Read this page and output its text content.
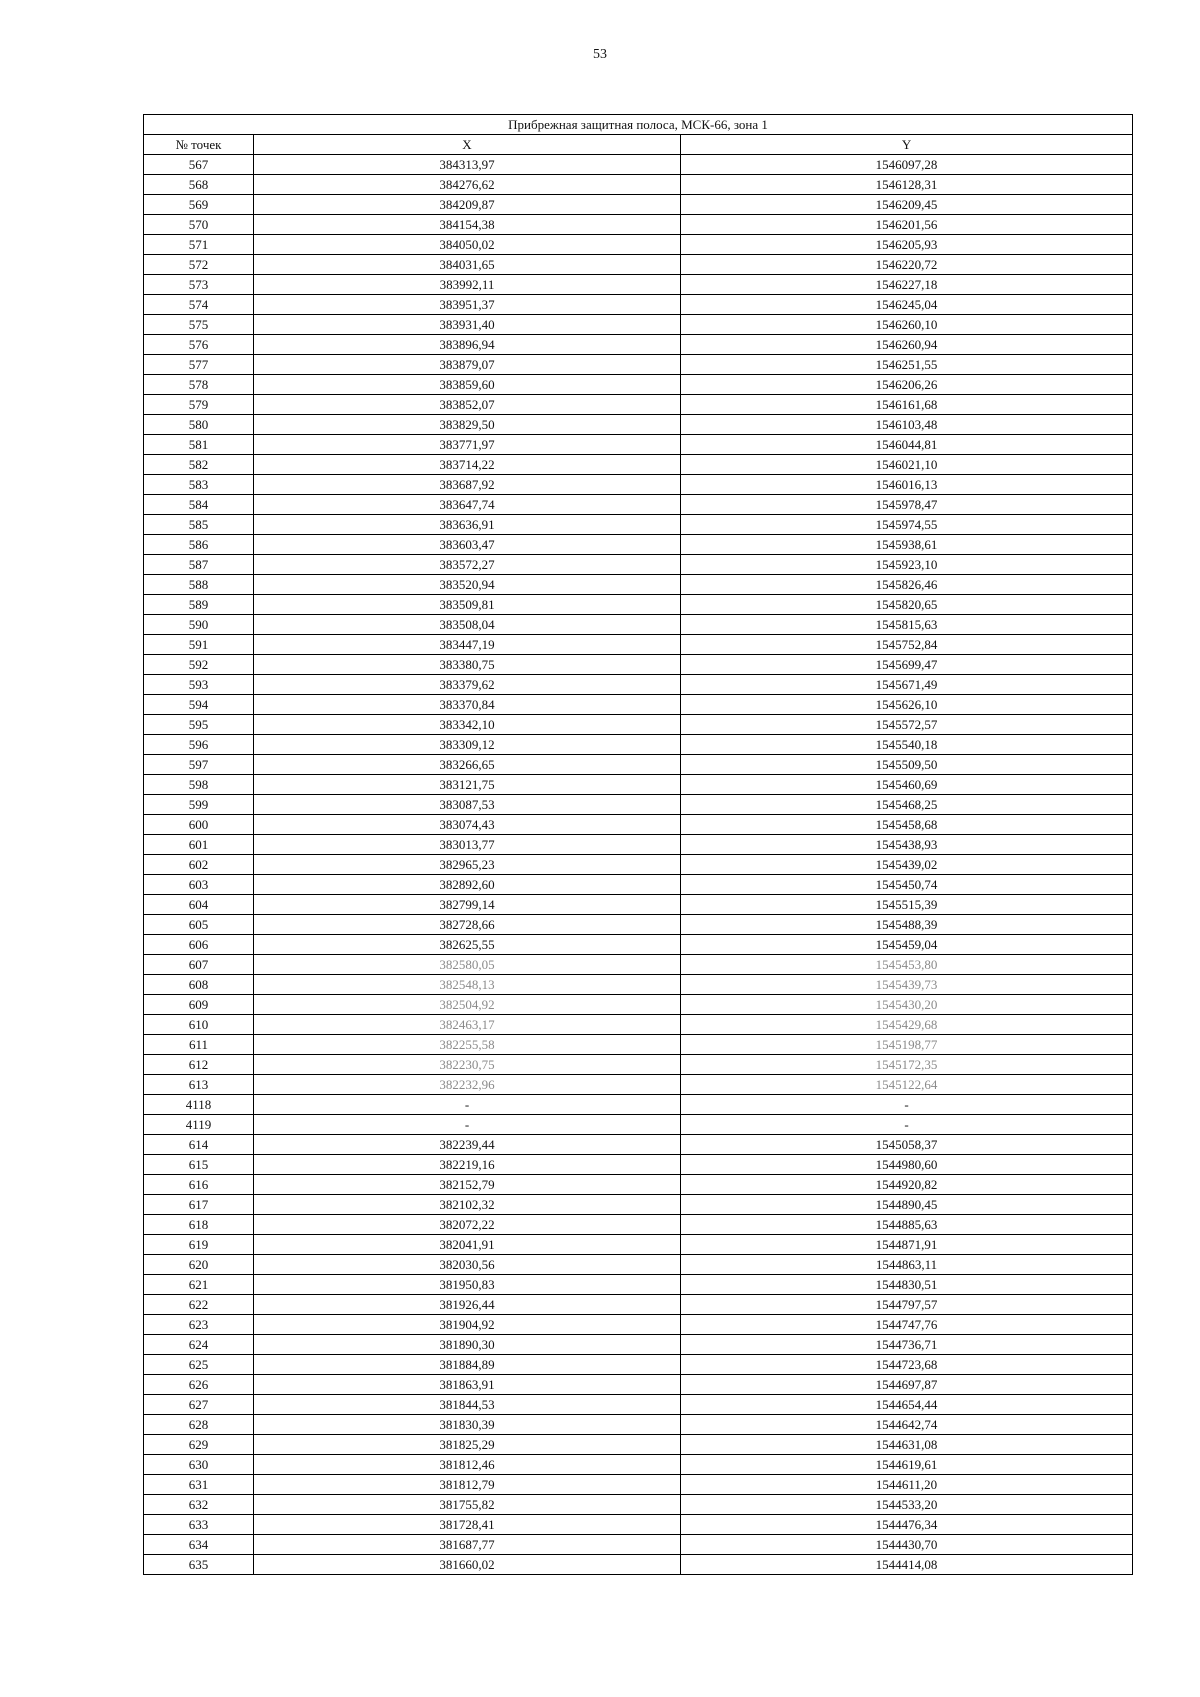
53
Прибрежная защитная полоса, МСК-66, зона 1		
№ точек	X	Y
567	384313,97	1546097,28
568	384276,62	1546128,31
569	384209,87	1546209,45
570	384154,38	1546201,56
571	384050,02	1546205,93
572	384031,65	1546220,72
573	383992,11	1546227,18
574	383951,37	1546245,04
575	383931,40	1546260,10
576	383896,94	1546260,94
577	383879,07	1546251,55
578	383859,60	1546206,26
579	383852,07	1546161,68
580	383829,50	1546103,48
581	383771,97	1546044,81
582	383714,22	1546021,10
583	383687,92	1546016,13
584	383647,74	1545978,47
585	383636,91	1545974,55
586	383603,47	1545938,61
587	383572,27	1545923,10
588	383520,94	1545826,46
589	383509,81	1545820,65
590	383508,04	1545815,63
591	383447,19	1545752,84
592	383380,75	1545699,47
593	383379,62	1545671,49
594	383370,84	1545626,10
595	383342,10	1545572,57
596	383309,12	1545540,18
597	383266,65	1545509,50
598	383121,75	1545460,69
599	383087,53	1545468,25
600	383074,43	1545458,68
601	383013,77	1545438,93
602	382965,23	1545439,02
603	382892,60	1545450,74
604	382799,14	1545515,39
605	382728,66	1545488,39
606	382625,55	1545459,04
607	382580,05	1545453,80
608	382548,13	1545439,73
609	382504,92	1545430,20
610	382463,17	1545429,68
611	382255,58	1545198,77
612	382230,75	1545172,35
613	382232,96	1545122,64
4118	-	-
4119	-	-
614	382239,44	1545058,37
615	382219,16	1544980,60
616	382152,79	1544920,82
617	382102,32	1544890,45
618	382072,22	1544885,63
619	382041,91	1544871,91
620	382030,56	1544863,11
621	381950,83	1544830,51
622	381926,44	1544797,57
623	381904,92	1544747,76
624	381890,30	1544736,71
625	381884,89	1544723,68
626	381863,91	1544697,87
627	381844,53	1544654,44
628	381830,39	1544642,74
629	381825,29	1544631,08
630	381812,46	1544619,61
631	381812,79	1544611,20
632	381755,82	1544533,20
633	381728,41	1544476,34
634	381687,77	1544430,70
635	381660,02	1544414,08
